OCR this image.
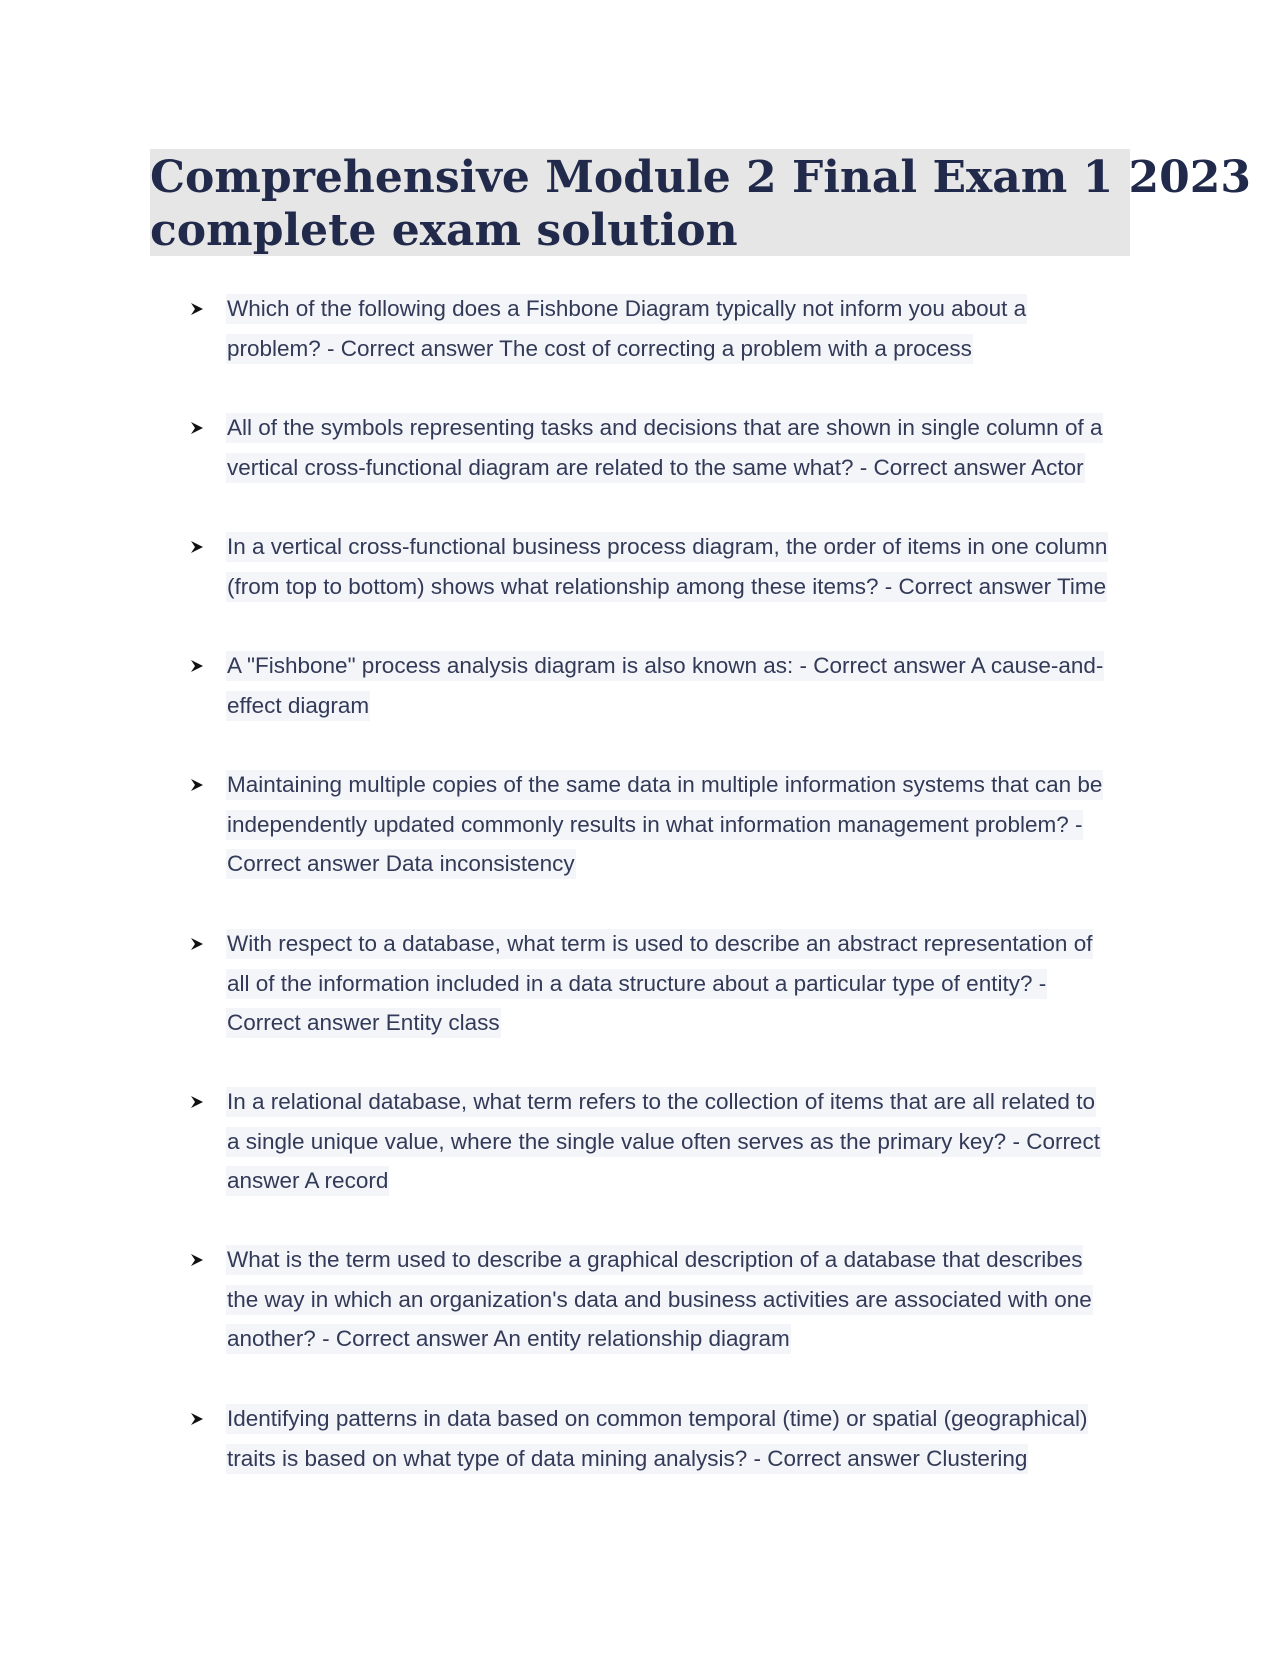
Comprehensive Module 2 Final Exam 1 2023
complete exam solution
Which of the following does a Fishbone Diagram typically not inform you about a
problem? - Correct answer The cost of correcting a problem with a process
All of the symbols representing tasks and decisions that are shown in single column of a
vertical cross-functional diagram are related to the same what? - Correct answer Actor
In a vertical cross-functional business process diagram, the order of items in one column
(from top to bottom) shows what relationship among these items? - Correct answer Time
A "Fishbone" process analysis diagram is also known as: - Correct answer A cause-and-
effect diagram
Maintaining multiple copies of the same data in multiple information systems that can be
independently updated commonly results in what information management problem? -
Correct answer Data inconsistency
With respect to a database, what term is used to describe an abstract representation of
all of the information included in a data structure about a particular type of entity? -
Correct answer Entity class
In a relational database, what term refers to the collection of items that are all related to
a single unique value, where the single value often serves as the primary key? - Correct
answer A record
What is the term used to describe a graphical description of a database that describes
the way in which an organization's data and business activities are associated with one
another? - Correct answer An entity relationship diagram
Identifying patterns in data based on common temporal (time) or spatial (geographical)
traits is based on what type of data mining analysis? - Correct answer Clustering
